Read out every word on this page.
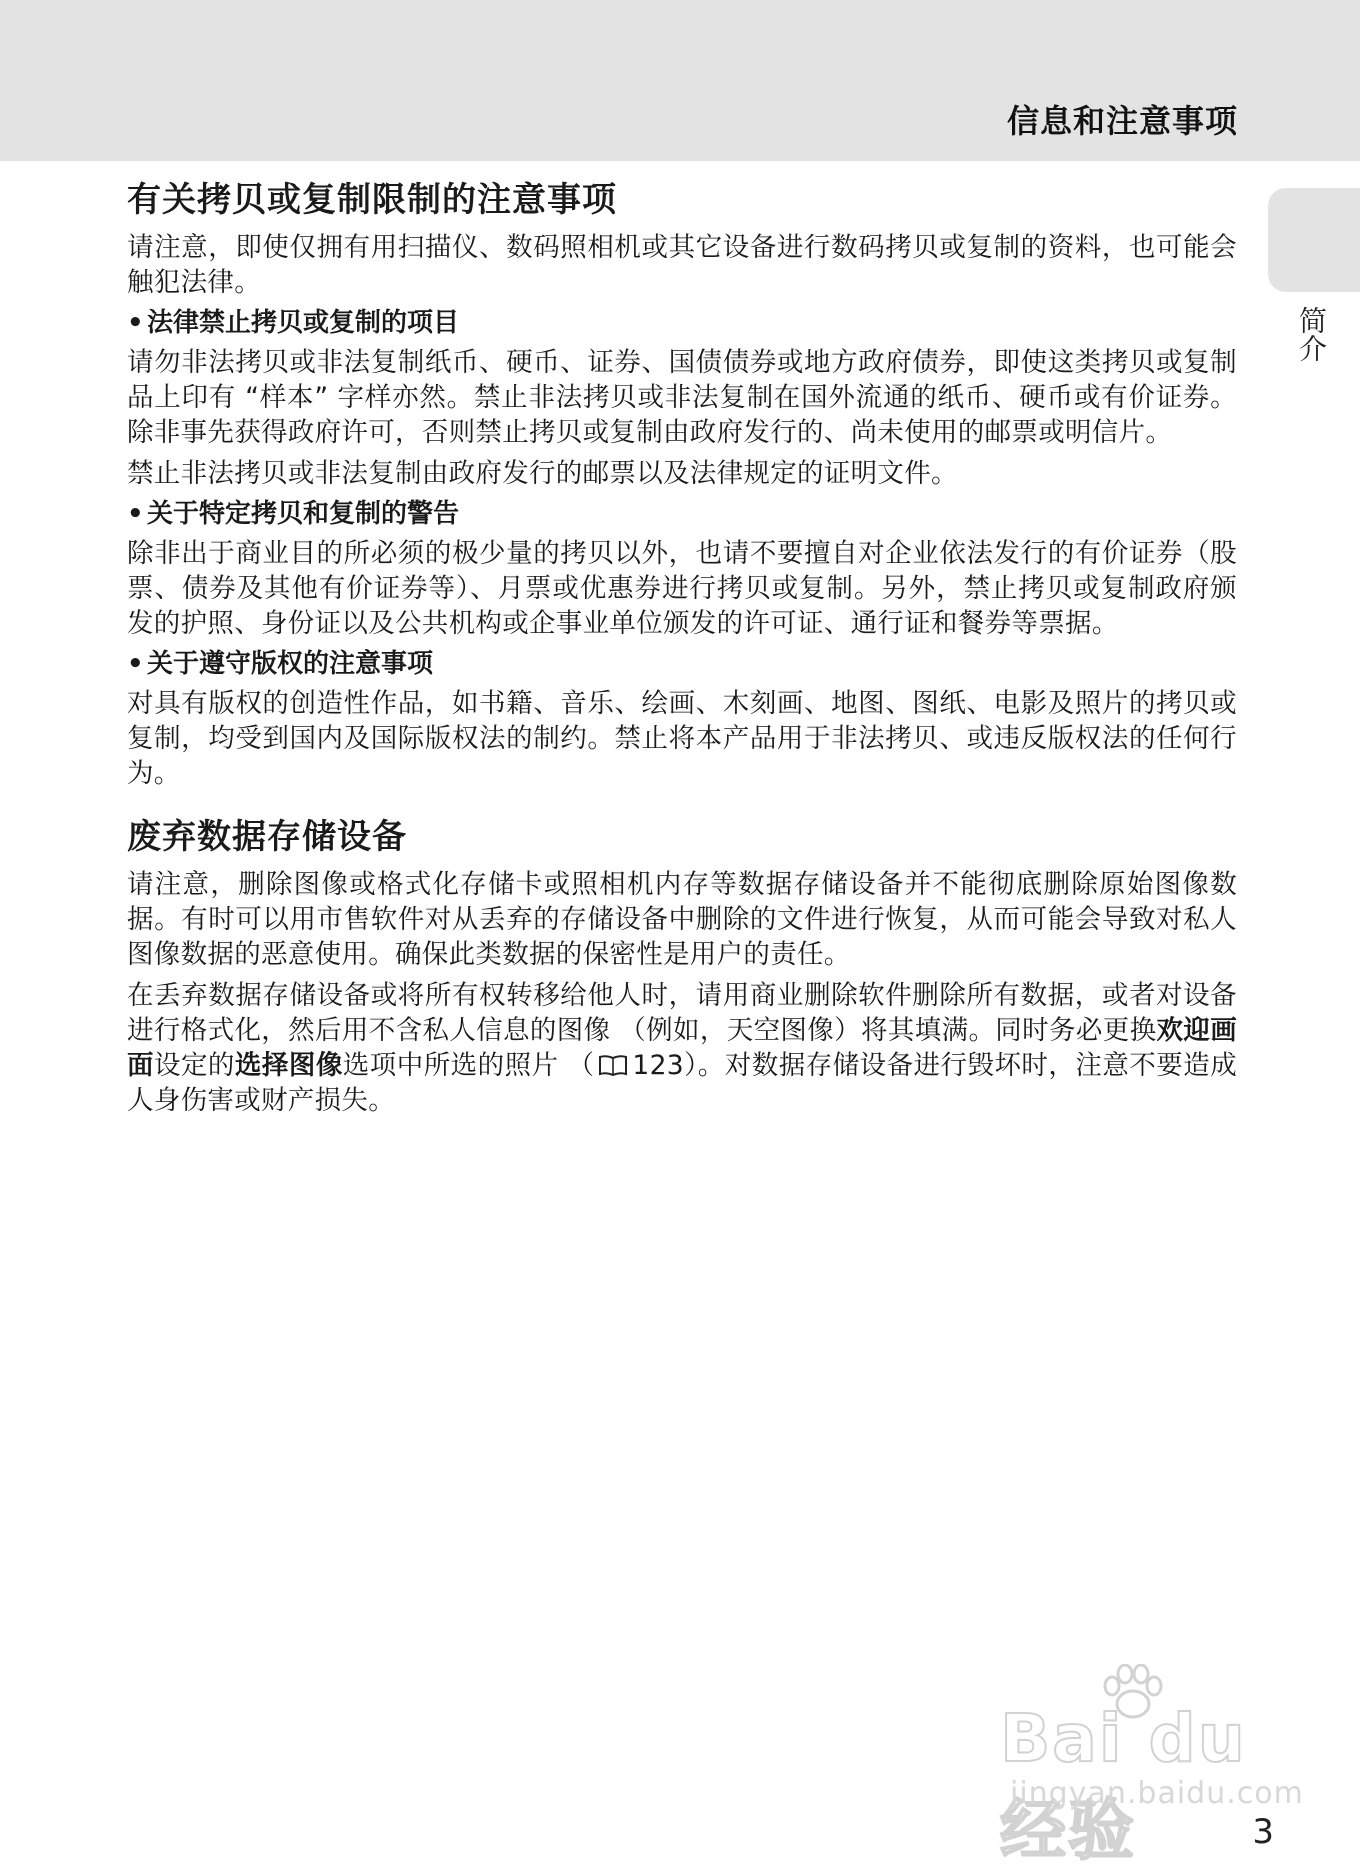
信息和注意事项
简介
有关拷贝或复制限制的注意事项

请注意，即使仅拥有用扫描仪、数码照相机或其它设备进行数码拷贝或复制的资料，也可能会触犯法律。

• 法律禁止拷贝或复制的项目

请勿非法拷贝或非法复制纸币、硬币、证券、国债债券或地方政府债券，即使这类拷贝或复制品上印有 “样本” 字样亦然。禁止非法拷贝或非法复制在国外流通的纸币、硬币或有价证券。除非事先获得政府许可，否则禁止拷贝或复制由政府发行的、尚未使用的邮票或明信片。

禁止非法拷贝或非法复制由政府发行的邮票以及法律规定的证明文件。

• 关于特定拷贝和复制的警告

除非出于商业目的所必须的极少量的拷贝以外，也请不要擅自对企业依法发行的有价证券（股票、债券及其他有价证券等）、月票或优惠券进行拷贝或复制。另外，禁止拷贝或复制政府颁发的护照、身份证以及公共机构或企事业单位颁发的许可证、通行证和餐券等票据。

• 关于遵守版权的注意事项

对具有版权的创造性作品，如书籍、音乐、绘画、木刻画、地图、图纸、电影及照片的拷贝或复制，均受到国内及国际版权法的制约。禁止将本产品用于非法拷贝、或违反版权法的任何行为。

废弃数据存储设备

请注意，删除图像或格式化存储卡或照相机内存等数据存储设备并不能彻底删除原始图像数据。有时可以用市售软件对从丢弃的存储设备中删除的文件进行恢复，从而可能会导致对私人图像数据的恶意使用。确保此类数据的保密性是用户的责任。

在丢弃数据存储设备或将所有权转移给他人时，请用商业删除软件删除所有数据，或者对设备进行格式化，然后用不含私人信息的图像 （例如，天空图像）将其填满。同时务必更换欢迎画面设定的选择图像选项中所选的照片 （ 123）。对数据存储设备进行毁坏时，注意不要造成人身伤害或财产损失。

Bai du 经验
jingyan.baidu.com
3
